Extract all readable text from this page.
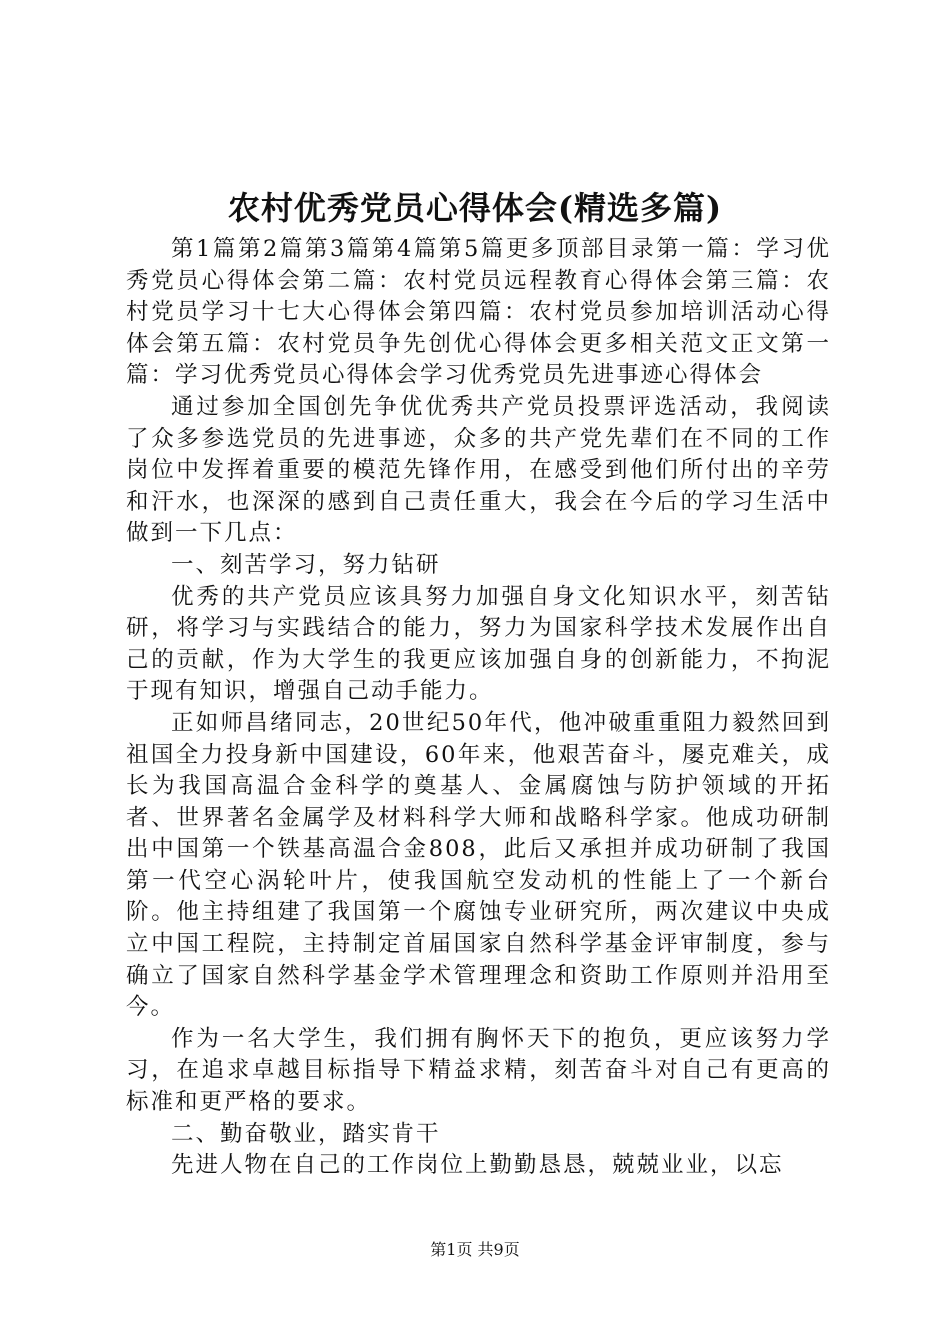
农村优秀党员心得体会(精选多篇)

第1篇第2篇第3篇第4篇第5篇更多顶部目录第一篇：学习优秀党员心得体会第二篇：农村党员远程教育心得体会第三篇：农村党员学习十七大心得体会第四篇：农村党员参加培训活动心得体会第五篇：农村党员争先创优心得体会更多相关范文正文第一篇：学习优秀党员心得体会学习优秀党员先进事迹心得体会

通过参加全国创先争优优秀共产党员投票评选活动，我阅读了众多参选党员的先进事迹，众多的共产党先辈们在不同的工作岗位中发挥着重要的模范先锋作用，在感受到他们所付出的辛劳和汗水，也深深的感到自己责任重大，我会在今后的学习生活中做到一下几点：

一、刻苦学习，努力钻研

优秀的共产党员应该具努力加强自身文化知识水平，刻苦钻研，将学习与实践结合的能力，努力为国家科学技术发展作出自己的贡献，作为大学生的我更应该加强自身的创新能力，不拘泥于现有知识，增强自己动手能力。

正如师昌绪同志，20世纪50年代，他冲破重重阻力毅然回到祖国全力投身新中国建设，60年来，他艰苦奋斗，屡克难关，成长为我国高温合金科学的奠基人、金属腐蚀与防护领域的开拓者、世界著名金属学及材料科学大师和战略科学家。他成功研制出中国第一个铁基高温合金808，此后又承担并成功研制了我国第一代空心涡轮叶片，使我国航空发动机的性能上了一个新台阶。他主持组建了我国第一个腐蚀专业研究所，两次建议中央成立中国工程院，主持制定首届国家自然科学基金评审制度，参与确立了国家自然科学基金学术管理理念和资助工作原则并沿用至今。

作为一名大学生，我们拥有胸怀天下的抱负，更应该努力学习，在追求卓越目标指导下精益求精，刻苦奋斗对自己有更高的标准和更严格的要求。

二、勤奋敬业，踏实肯干

先进人物在自己的工作岗位上勤勤恳恳，兢兢业业，以忘

第1页 共9页
